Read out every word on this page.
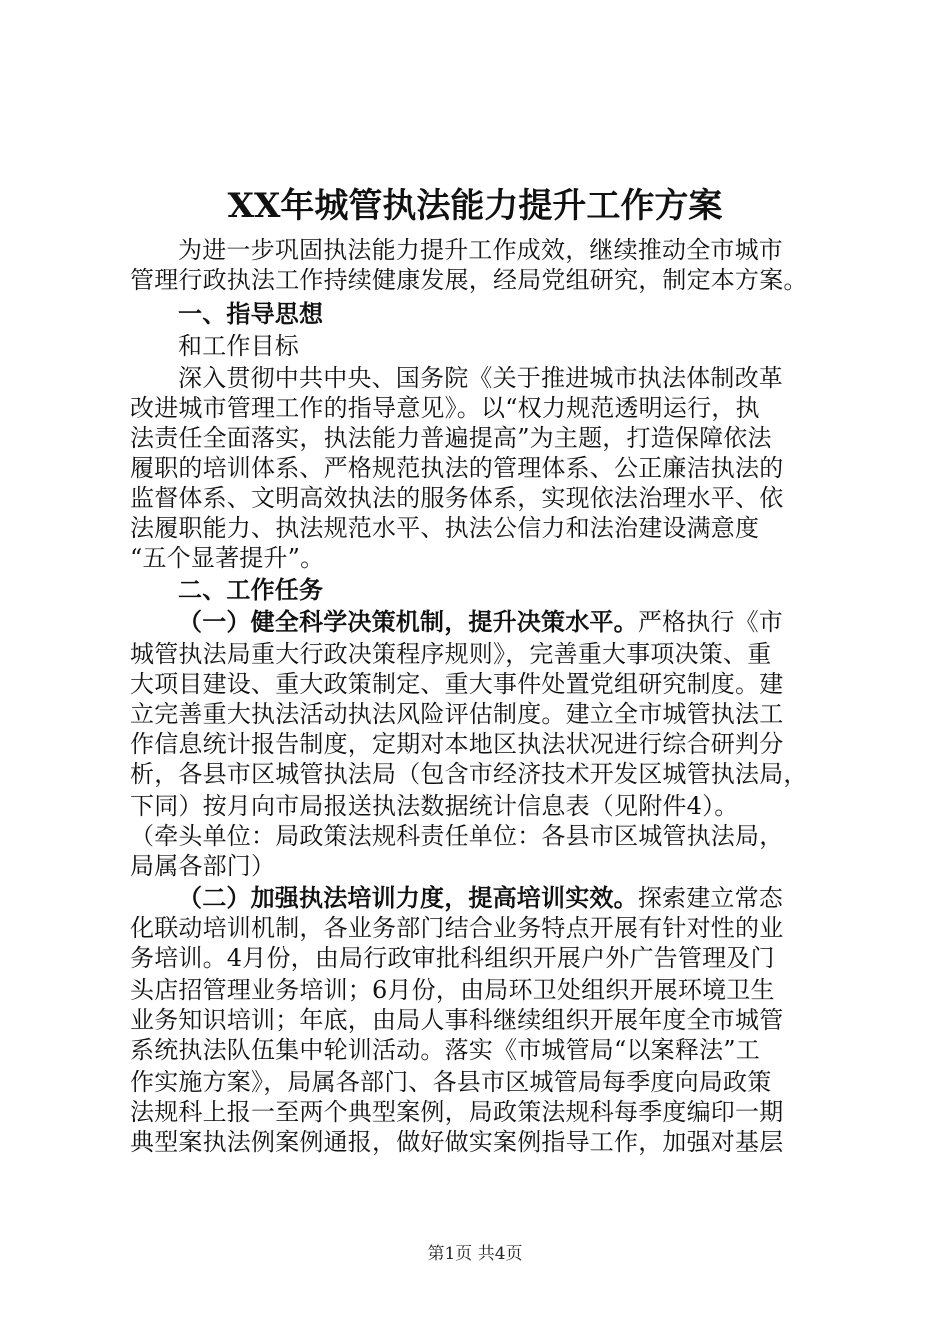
XX年城管执法能力提升工作方案
为进一步巩固执法能力提升工作成效，继续推动全市城市
管理行政执法工作持续健康发展，经局党组研究，制定本方案。
一、指导思想
和工作目标
深入贯彻中共中央、国务院《关于推进城市执法体制改革
改进城市管理工作的指导意见》。以“权力规范透明运行，执
法责任全面落实，执法能力普遍提高”为主题，打造保障依法
履职的培训体系、严格规范执法的管理体系、公正廉洁执法的
监督体系、文明高效执法的服务体系，实现依法治理水平、依
法履职能力、执法规范水平、执法公信力和法治建设满意度
“五个显著提升”。
二、工作任务
（一）健全科学决策机制，提升决策水平。严格执行《市
城管执法局重大行政决策程序规则》，完善重大事项决策、重
大项目建设、重大政策制定、重大事件处置党组研究制度。建
立完善重大执法活动执法风险评估制度。建立全市城管执法工
作信息统计报告制度，定期对本地区执法状况进行综合研判分
析，各县市区城管执法局（包含市经济技术开发区城管执法局，
下同）按月向市局报送执法数据统计信息表（见附件4）。
（牵头单位：局政策法规科责任单位：各县市区城管执法局，
局属各部门）
（二）加强执法培训力度，提高培训实效。探索建立常态
化联动培训机制，各业务部门结合业务特点开展有针对性的业
务培训。4月份，由局行政审批科组织开展户外广告管理及门
头店招管理业务培训；6月份，由局环卫处组织开展环境卫生
业务知识培训；年底，由局人事科继续组织开展年度全市城管
系统执法队伍集中轮训活动。落实《市城管局“以案释法”工
作实施方案》，局属各部门、各县市区城管局每季度向局政策
法规科上报一至两个典型案例，局政策法规科每季度编印一期
典型案执法例案例通报，做好做实案例指导工作，加强对基层
第1页 共4页
